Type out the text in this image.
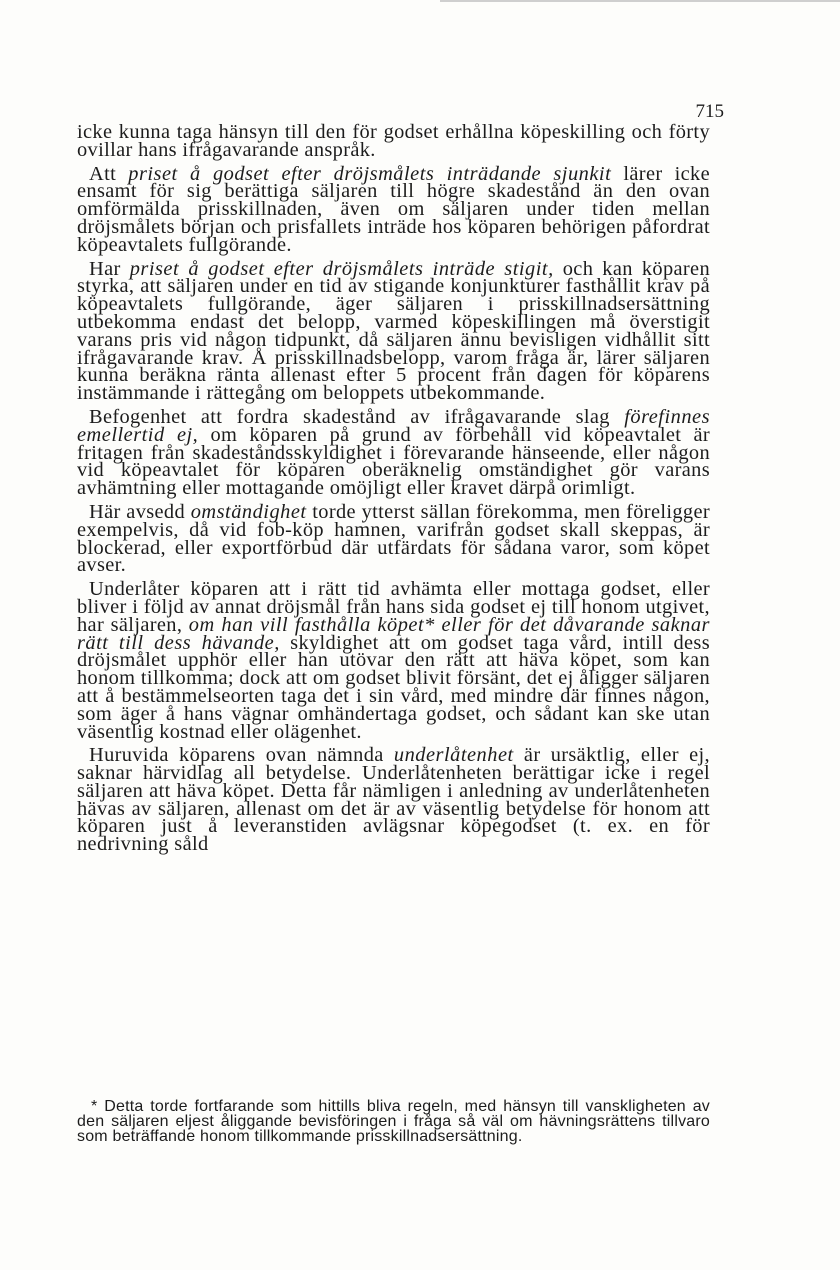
715

icke kunna taga hänsyn till den för godset erhållna köpeskilling och förty ovillar hans ifrågavarande anspråk.

Att priset å godset efter dröjsmålets inträdande sjunkit lärer icke ensamt för sig berättiga säljaren till högre skadestånd än den ovan omförmälda prisskillnaden, även om säljaren under tiden mellan dröjsmålets början och prisfallets inträde hos köparen behörigen påfordrat köpeavtalets fullgörande.

Har priset å godset efter dröjsmålets inträde stigit, och kan köparen styrka, att säljaren under en tid av stigande konjunkturer fasthållit krav på köpeavtalets fullgörande, äger säljaren i prisskillnadsersättning utbekomma endast det belopp, varmed köpeskillingen må överstigit varans pris vid någon tidpunkt, då säljaren ännu bevisligen vidhållit sitt ifrågavarande krav. Å prisskillnadsbelopp, varom fråga är, lärer säljaren kunna beräkna ränta allenast efter 5 procent från dagen för köparens instämmande i rättegång om beloppets utbekommande.

Befogenhet att fordra skadestånd av ifrågavarande slag förefinnes emellertid ej, om köparen på grund av förbehåll vid köpeavtalet är fritagen från skadeståndsskyldighet i förevarande hänseende, eller någon vid köpeavtalet för köparen oberäknelig omständighet gör varans avhämtning eller mottagande omöjligt eller kravet därpå orimligt.

Här avsedd omständighet torde ytterst sällan förekomma, men föreligger exempelvis, då vid fob-köp hamnen, varifrån godset skall skeppas, är blockerad, eller exportförbud där utfärdats för sådana varor, som köpet avser.

Underlåter köparen att i rätt tid avhämta eller mottaga godset, eller bliver i följd av annat dröjsmål från hans sida godset ej till honom utgivet, har säljaren, om han vill fasthålla köpet* eller för det dåvarande saknar rätt till dess hävande, skyldighet att om godset taga vård, intill dess dröjsmålet upphör eller han utövar den rätt att häva köpet, som kan honom tillkomma; dock att om godset blivit försänt, det ej åligger säljaren att å bestämmelseorten taga det i sin vård, med mindre där finnes någon, som äger å hans vägnar omhändertaga godset, och sådant kan ske utan väsentlig kostnad eller olägenhet.

Huruvida köparens ovan nämnda underlåtenhet är ursäktlig, eller ej, saknar härvidlag all betydelse. Underlåtenheten berättigar icke i regel säljaren att häva köpet. Detta får nämligen i anledning av underlåtenheten hävas av säljaren, allenast om det är av väsentlig betydelse för honom att köparen just å leveranstiden avlägsnar köpegodset (t. ex. en för nedrivning såld

* Detta torde fortfarande som hittills bliva regeln, med hänsyn till vanskligheten av den säljaren eljest åliggande bevisföringen i fråga så väl om hävningsrättens tillvaro som beträffande honom tillkommande prisskillnadsersättning.
